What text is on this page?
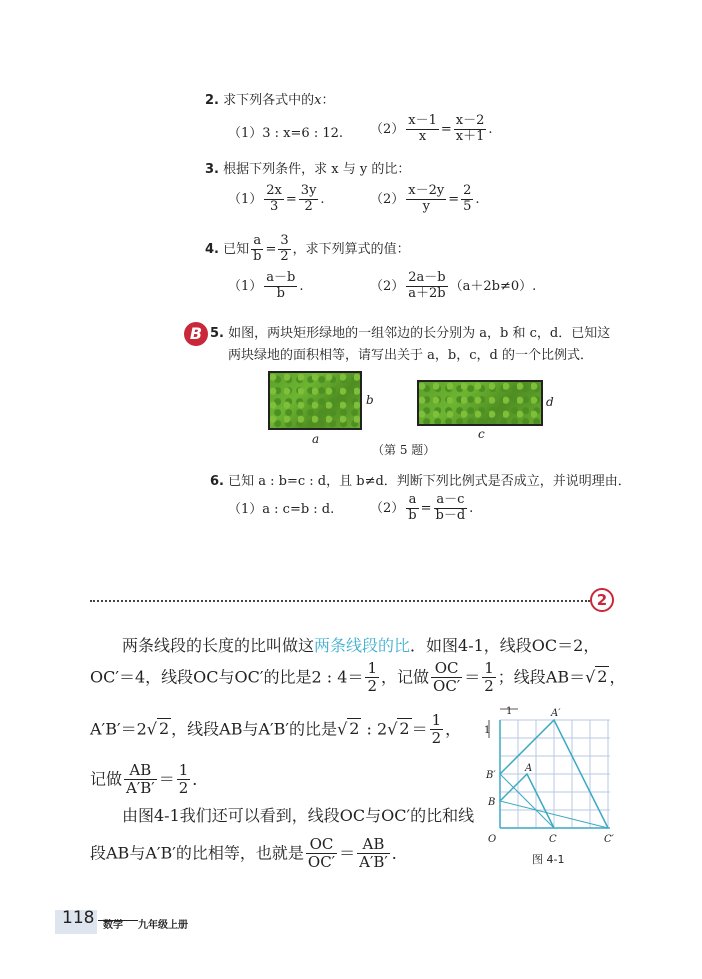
2. 求下列各式中的x：
（1）3 : x=6 : 12. $(2) \frac{x-1}{x} = \frac{x-2}{x+1}$ .
3. 根据下列条件，求 x 与 y 的比：
$(1) \frac{2x}{3} = \frac{3y}{2}$ .	$(2) \frac{x-2y}{y} = \frac{2}{5}$ .
4. 已知 $\frac{a}{b} = \frac{3}{2}$ ，求下列算式的值：
$(1) \frac{a-b}{b}$ .	$(2) \frac{2a-b}{a+2b} (a+2b\ne 0)$.
B 5. 如图，两块矩形绿地的一组邻边的长分别为 a，b 和 c，d．已知这
两块绿地的面积相等，请写出关于 a，b，c，d 的一个比例式．
b
a
d
c
（第 5 题）
6. 已知 a : b=c : d，且 b≠d．判断下列比例式是否成立，并说明理由．
（1）a : c=b : d.	$(2) \frac{a}{b} = \frac{a-c}{b-d}$ .
2
两条线段的长度的比叫做这两条线段的比．如图4-1，线段OC＝2，
OC′＝4，线段OC与OC′的比是2 : $4= \frac{1}{2}$ ，记做 $\frac{OC}{OC'} = \frac{1}{2}$ ；线段AB＝√ 2 ，
A′B′＝2√ 2 ，线段AB与A′B′的比是√ 2 : 2√ $2 = \frac{1}{2}$ ，
记做 $\frac{AB}{A'B'} = \frac{1}{2}$ ．
由图4-1我们还可以看到，线段OC与OC′的比和线
段AB与A′B′的比相等，也就是 $\frac{OC}{OC'} = \frac{AB}{A'B'}$ ．
1
1
O	C	C′
B
B′
A
A′
图 4-1
118 数学 九年级上册
